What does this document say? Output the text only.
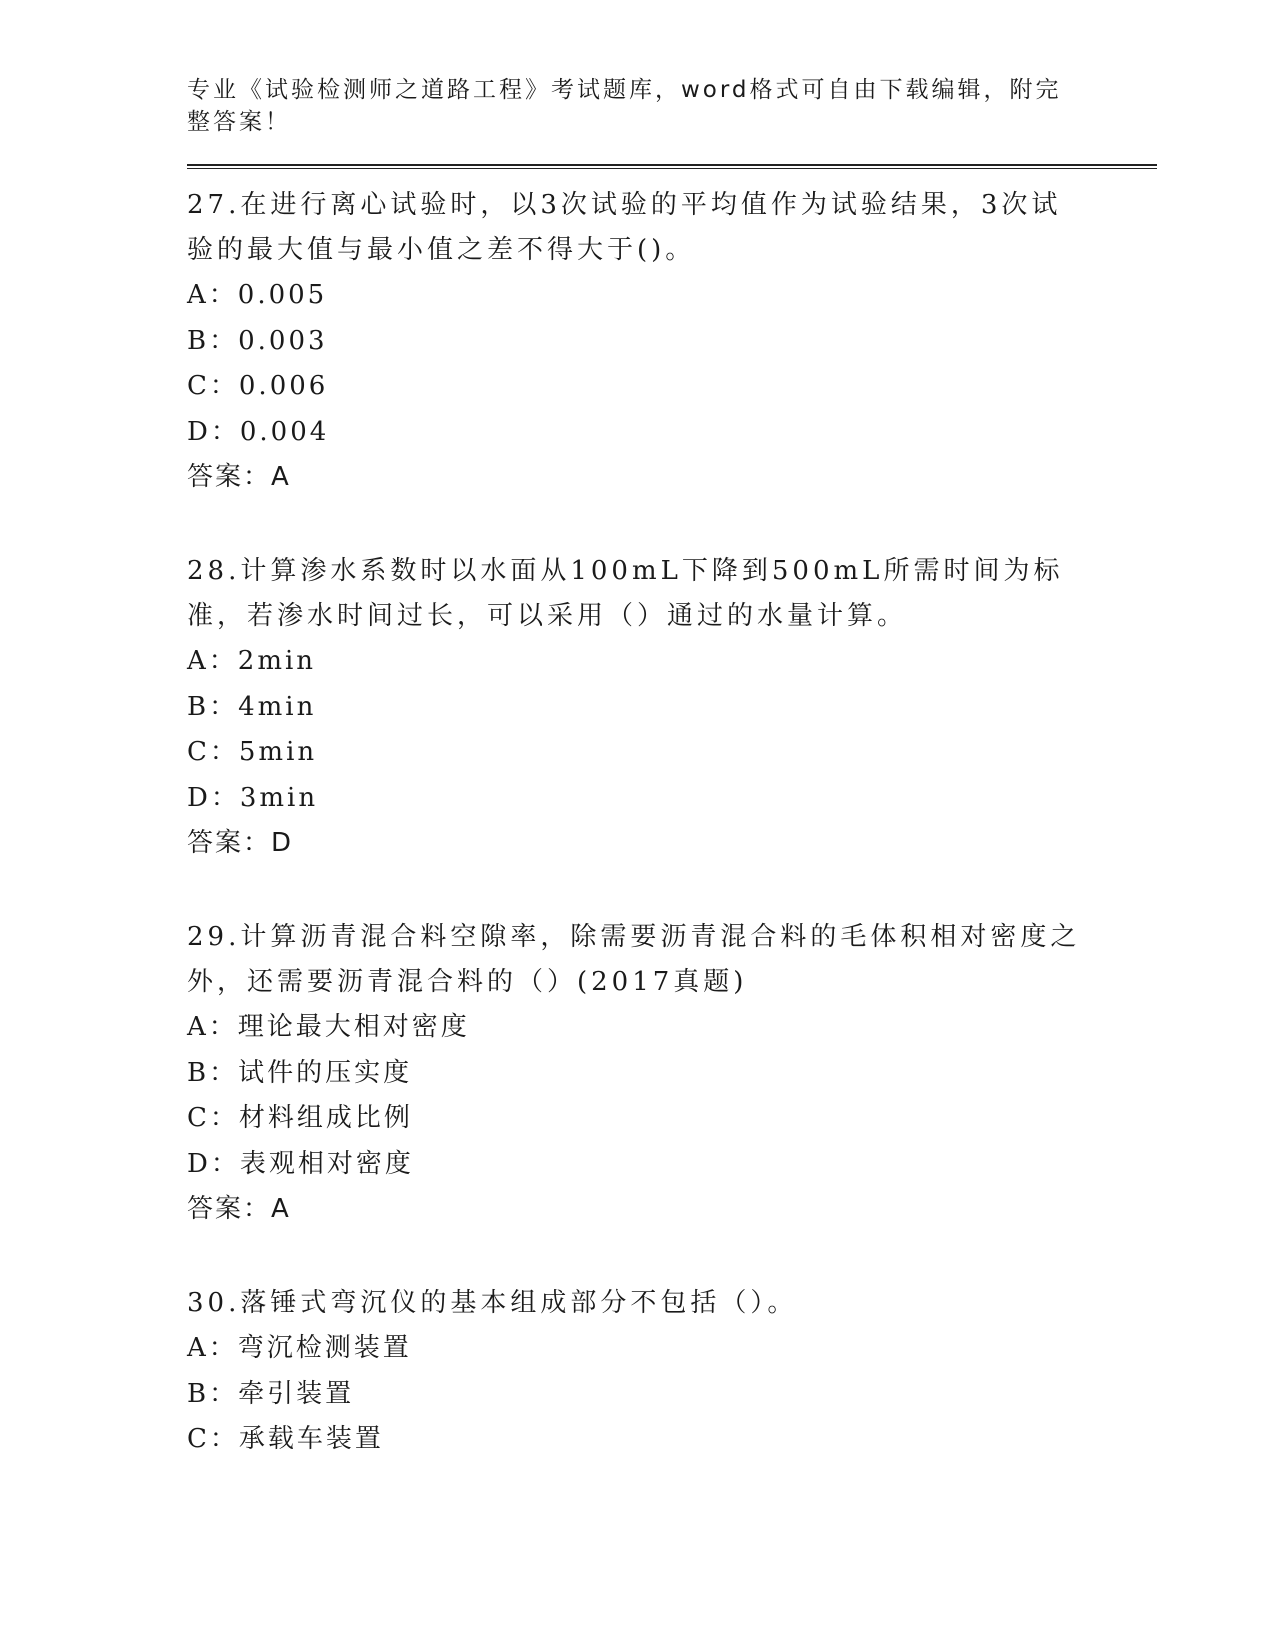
专业《试验检测师之道路工程》考试题库，word格式可自由下载编辑，附完整答案！

27.在进行离心试验时，以3次试验的平均值作为试验结果，3次试验的最大值与最小值之差不得大于()。

A：0.005

B：0.003

C：0.006

D：0.004

答案：A

28.计算渗水系数时以水面从100mL下降到500mL所需时间为标准，若渗水时间过长，可以采用（）通过的水量计算。

A：2min

B：4min

C：5min

D：3min

答案：D

29.计算沥青混合料空隙率，除需要沥青混合料的毛体积相对密度之外，还需要沥青混合料的（）(2017真题)

A：理论最大相对密度

B：试件的压实度

C：材料组成比例

D：表观相对密度

答案：A

30.落锤式弯沉仪的基本组成部分不包括（）。

A：弯沉检测装置

B：牵引装置

C：承载车装置
